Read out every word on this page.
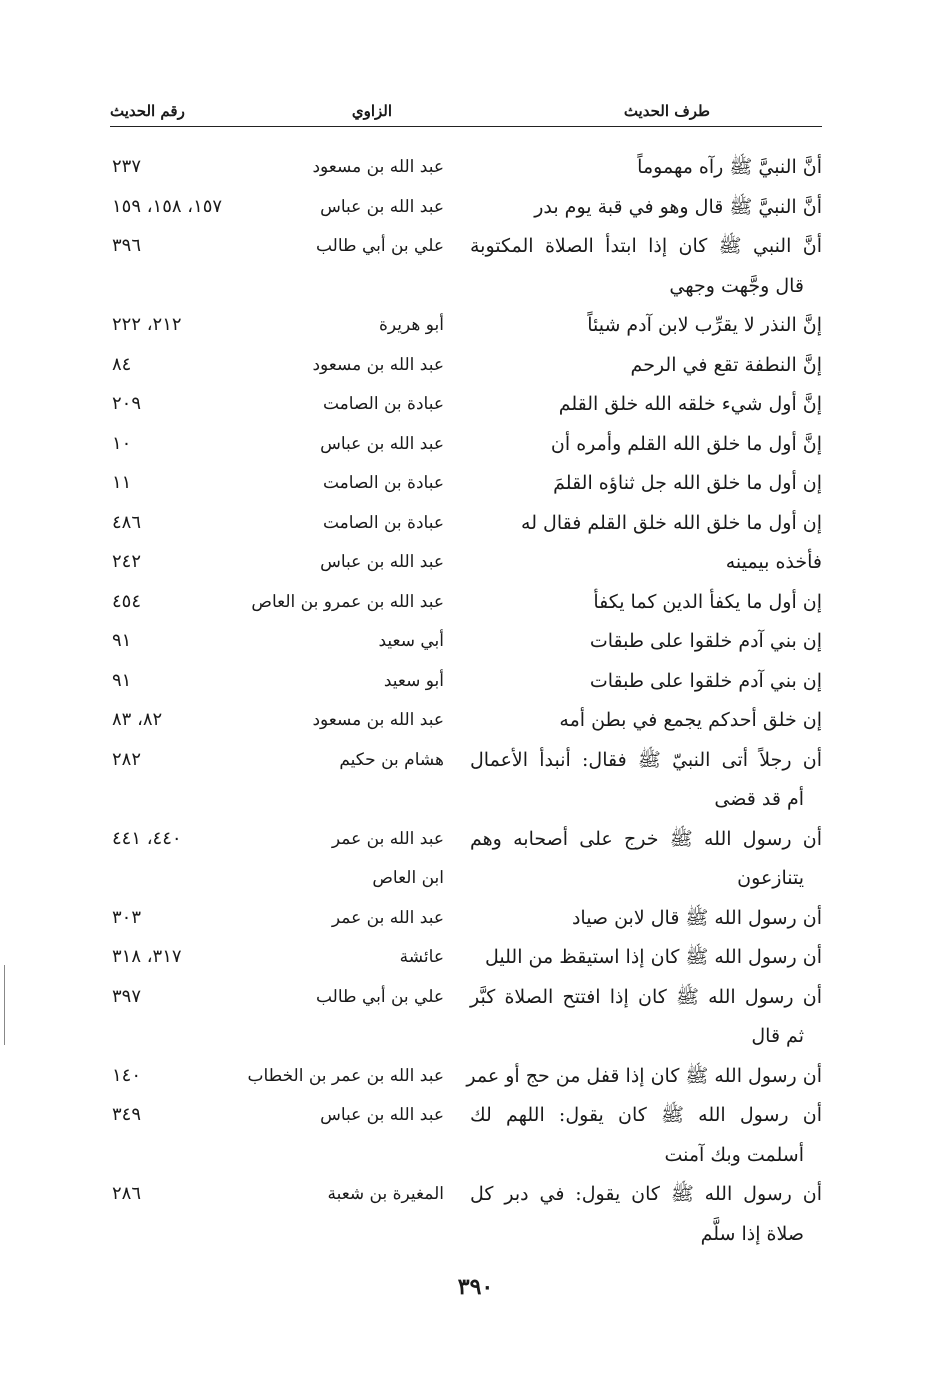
طرف الحديث
الزاوي
رقم الحديث
أنَّ النبيَّ ﷺ رآه مهموماً
عبد الله بن مسعود
٢٣٧
أنَّ النبيَّ ﷺ قال وهو في قبة يوم بدر
عبد الله بن عباس
١٥٧، ١٥٨، ١٥٩
أنَّ النبي ﷺ كان إذا ابتدأ الصلاة المكتوبة
علي بن أبي طالب
٣٩٦
قال وجَّهت وجهي
إنَّ النذر لا يقرِّب لابن آدم شيئاً
أبو هريرة
٢١٢، ٢٢٢
إنَّ النطفة تقع في الرحم
عبد الله بن مسعود
٨٤
إنَّ أول شيء خلقه الله خلق القلم
عبادة بن الصامت
٢٠٩
إنَّ أول ما خلق الله القلم وأمره أن
عبد الله بن عباس
١٠
إن أول ما خلق الله جل ثناؤه القلمَ
عبادة بن الصامت
١١
إن أول ما خلق الله خلق القلم فقال له
عبادة بن الصامت
٤٨٦
فأخذه بيمينه
عبد الله بن عباس
٢٤٢
إن أول ما يكفأ الدين كما يكفأ
عبد الله بن عمرو بن العاص
٤٥٤
إن بني آدم خلقوا على طبقات
أبي سعيد
٩١
إن بني آدم خلقوا على طبقات
أبو سعيد
٩١
إن خلق أحدكم يجمع في بطن أمه
عبد الله بن مسعود
٨٢، ٨٣
أن رجلاً أتى النبيّ ﷺ فقال: أنبدأ الأعمال
هشام بن حكيم
٢٨٢
أم قد قضى
أن رسول الله ﷺ خرج على أصحابه وهم
عبد الله بن عمر
٤٤٠، ٤٤١
يتنازعون
ابن العاص
أن رسول الله ﷺ قال لابن صياد
عبد الله بن عمر
٣٠٣
أن رسول الله ﷺ كان إذا استيقظ من الليل
عائشة
٣١٧، ٣١٨
أن رسول الله ﷺ كان إذا افتتح الصلاة كبَّر
علي بن أبي طالب
٣٩٧
ثم قال
أن رسول الله ﷺ كان إذا قفل من حج أو عمر
عبد الله بن عمر بن الخطاب
١٤٠
أن رسول الله ﷺ كان يقول: اللهم لك
عبد الله بن عباس
٣٤٩
أسلمت وبك آمنت
أن رسول الله ﷺ كان يقول: في دبر كل
المغيرة بن شعبة
٢٨٦
صلاة إذا سلَّم
٣٩٠
